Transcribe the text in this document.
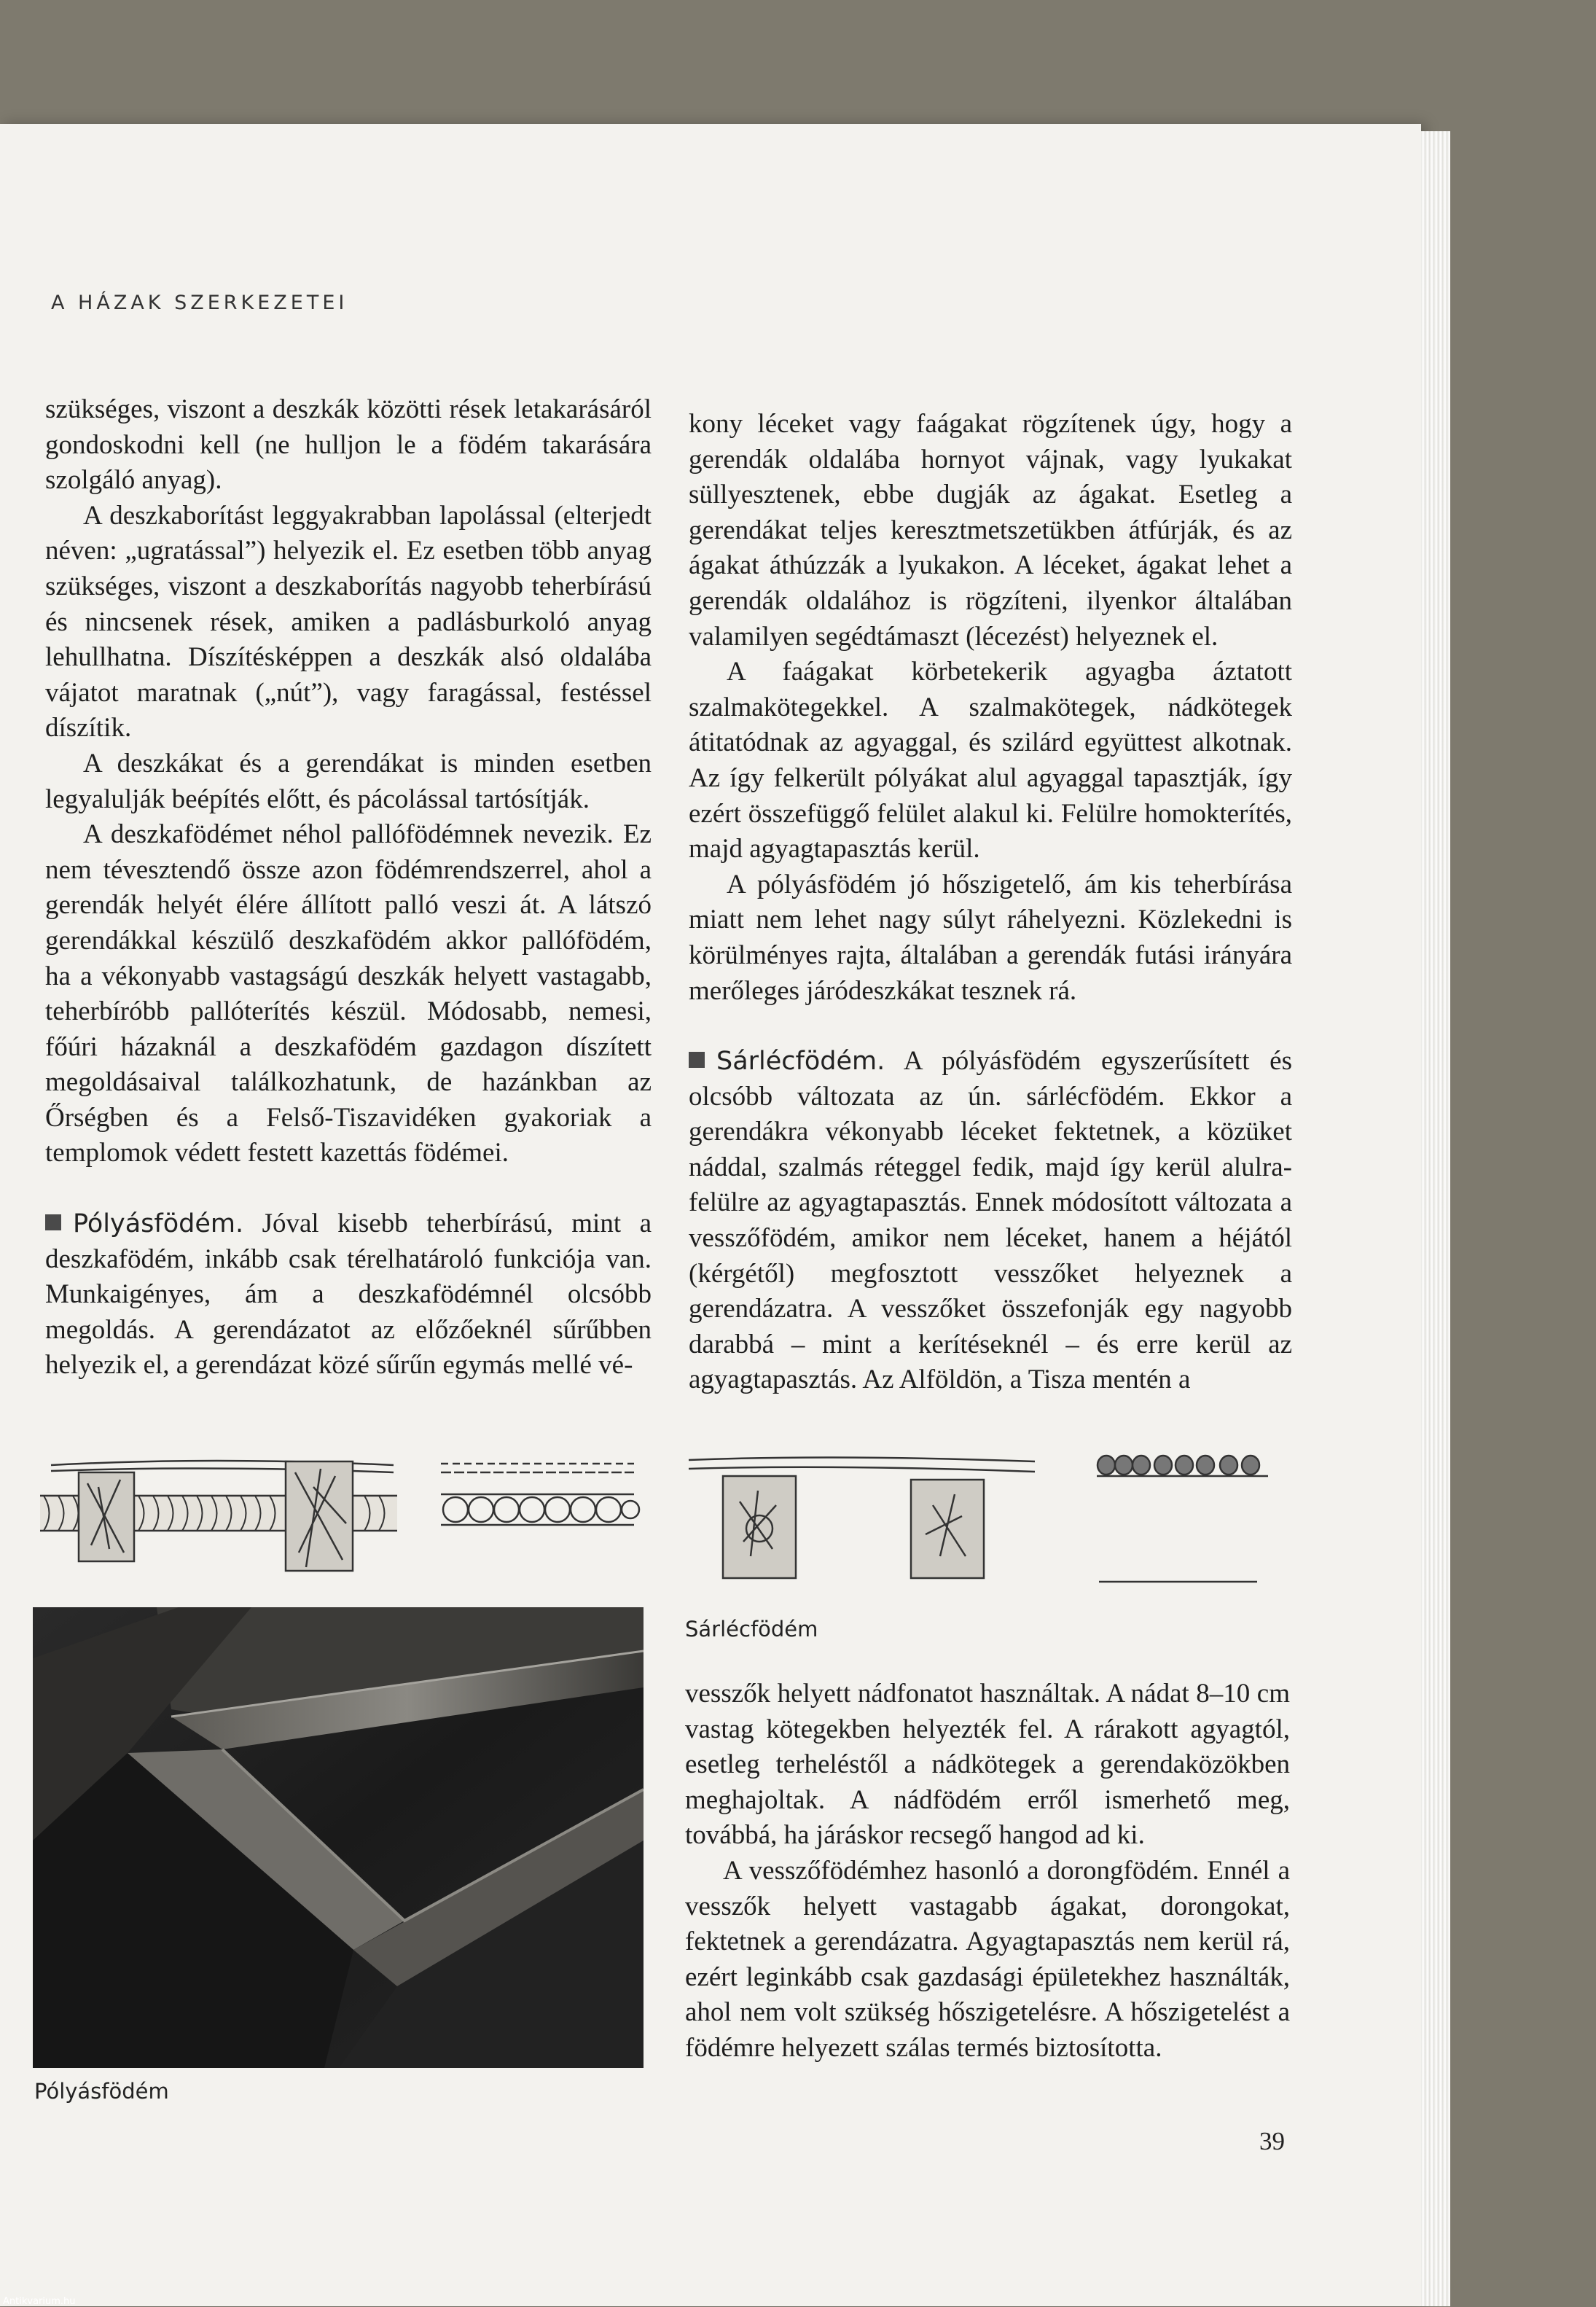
A HÁZAK SZERKEZETEI

szükséges, viszont a deszkák közötti rések letakarásáról gondoskodni kell (ne hulljon le a födém takarására szolgáló anyag).

A deszkaborítást leggyakrabban lapolással (elterjedt néven: „ugratással”) helyezik el. Ez esetben több anyag szükséges, viszont a deszkaborítás nagyobb teherbírású és nincsenek rések, amiken a padlásburkoló anyag lehullhatna. Díszítésképpen a deszkák alsó oldalába vájatot maratnak („nút”), vagy faragással, festéssel díszítik.

A deszkákat és a gerendákat is minden esetben legyalulják beépítés előtt, és pácolással tartósítják.

A deszkafödémet néhol pallófödémnek nevezik. Ez nem tévesztendő össze azon födémrendszerrel, ahol a gerendák helyét élére állított palló veszi át. A látszó gerendákkal készülő deszkafödém akkor pallófödém, ha a vékonyabb vastagságú deszkák helyett vastagabb, teherbíróbb pallóterítés készül. Módosabb, nemesi, főúri házaknál a deszkafödém gazdagon díszített megoldásaival találkozhatunk, de hazánkban az Őrségben és a Felső-Tiszavidéken gyakoriak a templomok védett festett kazettás födémei.

Pólyásfödém. Jóval kisebb teherbírású, mint a deszkafödém, inkább csak térelhatároló funkciója van. Munkaigényes, ám a deszkafödémnél olcsóbb megoldás. A gerendázatot az előzőeknél sűrűbben helyezik el, a gerendázat közé sűrűn egymás mellé vé-

kony léceket vagy faágakat rögzítenek úgy, hogy a gerendák oldalába hornyot vájnak, vagy lyukakat süllyesztenek, ebbe dugják az ágakat. Esetleg a gerendákat teljes keresztmetszetükben átfúrják, és az ágakat áthúzzák a lyukakon. A léceket, ágakat lehet a gerendák oldalához is rögzíteni, ilyenkor általában valamilyen segédtámaszt (lécezést) helyeznek el.

A faágakat körbetekerik agyagba áztatott szalmakötegekkel. A szalmakötegek, nádkötegek átitatódnak az agyaggal, és szilárd együttest alkotnak. Az így felkerült pólyákat alul agyaggal tapasztják, így ezért összefüggő felület alakul ki. Felülre homokterítés, majd agyagtapasztás kerül.

A pólyásfödém jó hőszigetelő, ám kis teherbírása miatt nem lehet nagy súlyt ráhelyezni. Közlekedni is körülményes rajta, általában a gerendák futási irányára merőleges járódeszkákat tesznek rá.

Sárlécfödém. A pólyásfödém egyszerűsített és olcsóbb változata az ún. sárlécfödém. Ekkor a gerendákra vékonyabb léceket fektetnek, a közüket náddal, szalmás réteggel fedik, majd így kerül alulra-felülre az agyagtapasztás. Ennek módosított változata a vesszőfödém, amikor nem léceket, hanem a héjától (kérgétől) megfosztott vesszőket helyeznek a gerendázatra. A vesszőket összefonják egy nagyobb darabbá – mint a kerítéseknél – és erre kerül az agyagtapasztás. Az Alföldön, a Tisza mentén a

Pólyásfödém
Sárlécfödém

vesszők helyett nádfonatot használtak. A nádat 8–10 cm vastag kötegekben helyezték fel. A rárakott agyagtól, esetleg terheléstől a nádkötegek a gerendaközökben meghajoltak. A nádfödém erről ismerhető meg, továbbá, ha járáskor recsegő hangod ad ki.

A vesszőfödémhez hasonló a dorongfödém. Ennél a vesszők helyett vastagabb ágakat, dorongokat, fektetnek a gerendázatra. Agyagtapasztás nem kerül rá, ezért leginkább csak gazdasági épületekhez használták, ahol nem volt szükség hőszigetelésre. A hőszigetelést a födémre helyezett szálas termés biztosította.

39
Antikvarium.hu
